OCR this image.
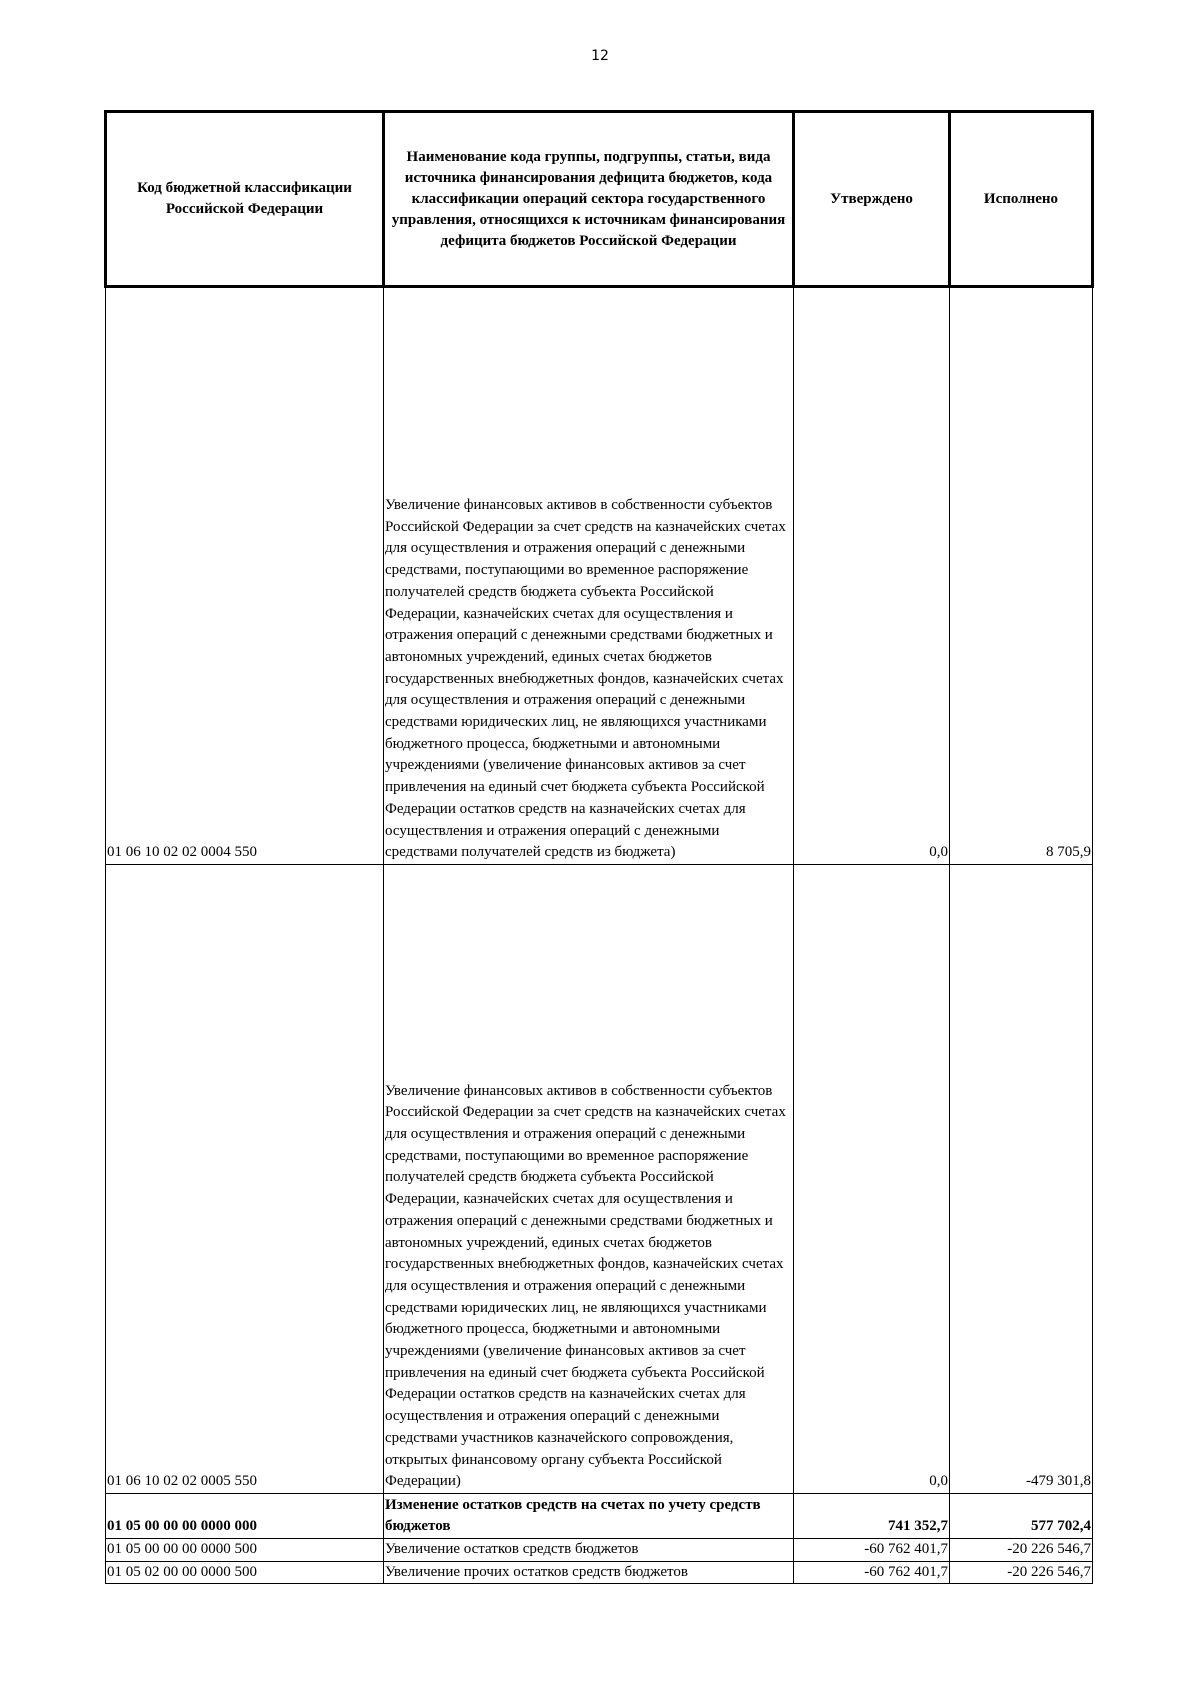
12
Код бюджетной классификации Российской Федерации	Наименование кода группы, подгруппы, статьи, вида источника финансирования дефицита бюджетов, кода классификации операций сектора государственного управления, относящихся к источникам финансирования дефицита бюджетов Российской Федерации	Утверждено	Исполнено
01 06 10 02 02 0004 550	Увеличение финансовых активов в собственности субъектов Российской Федерации за счет средств на казначейских счетах для осуществления и отражения операций с денежными средствами, поступающими во временное распоряжение получателей средств бюджета субъекта Российской Федерации, казначейских счетах для осуществления и отражения операций с денежными средствами бюджетных и автономных учреждений, единых счетах бюджетов государственных внебюджетных фондов, казначейских счетах для осуществления и отражения операций с денежными средствами юридических лиц, не являющихся участниками бюджетного процесса, бюджетными и автономными учреждениями (увеличение финансовых активов за счет привлечения на единый счет бюджета субъекта Российской Федерации остатков средств на казначейских счетах для осуществления и отражения операций с денежными средствами получателей средств из бюджета)	0,0	8 705,9
01 06 10 02 02 0005 550	Увеличение финансовых активов в собственности субъектов Российской Федерации за счет средств на казначейских счетах для осуществления и отражения операций с денежными средствами, поступающими во временное распоряжение получателей средств бюджета субъекта Российской Федерации, казначейских счетах для осуществления и отражения операций с денежными средствами бюджетных и автономных учреждений, единых счетах бюджетов государственных внебюджетных фондов, казначейских счетах для осуществления и отражения операций с денежными средствами юридических лиц, не являющихся участниками бюджетного процесса, бюджетными и автономными учреждениями (увеличение финансовых активов за счет привлечения на единый счет бюджета субъекта Российской Федерации остатков средств на казначейских счетах для осуществления и отражения операций с денежными средствами участников казначейского сопровождения, открытых финансовому органу субъекта Российской Федерации)	0,0	-479 301,8
01 05 00 00 00 0000 000	Изменение остатков средств на счетах по учету средств бюджетов	741 352,7	577 702,4
01 05 00 00 00 0000 500	Увеличение остатков средств бюджетов	-60 762 401,7	-20 226 546,7
01 05 02 00 00 0000 500	Увеличение прочих остатков средств бюджетов	-60 762 401,7	-20 226 546,7
